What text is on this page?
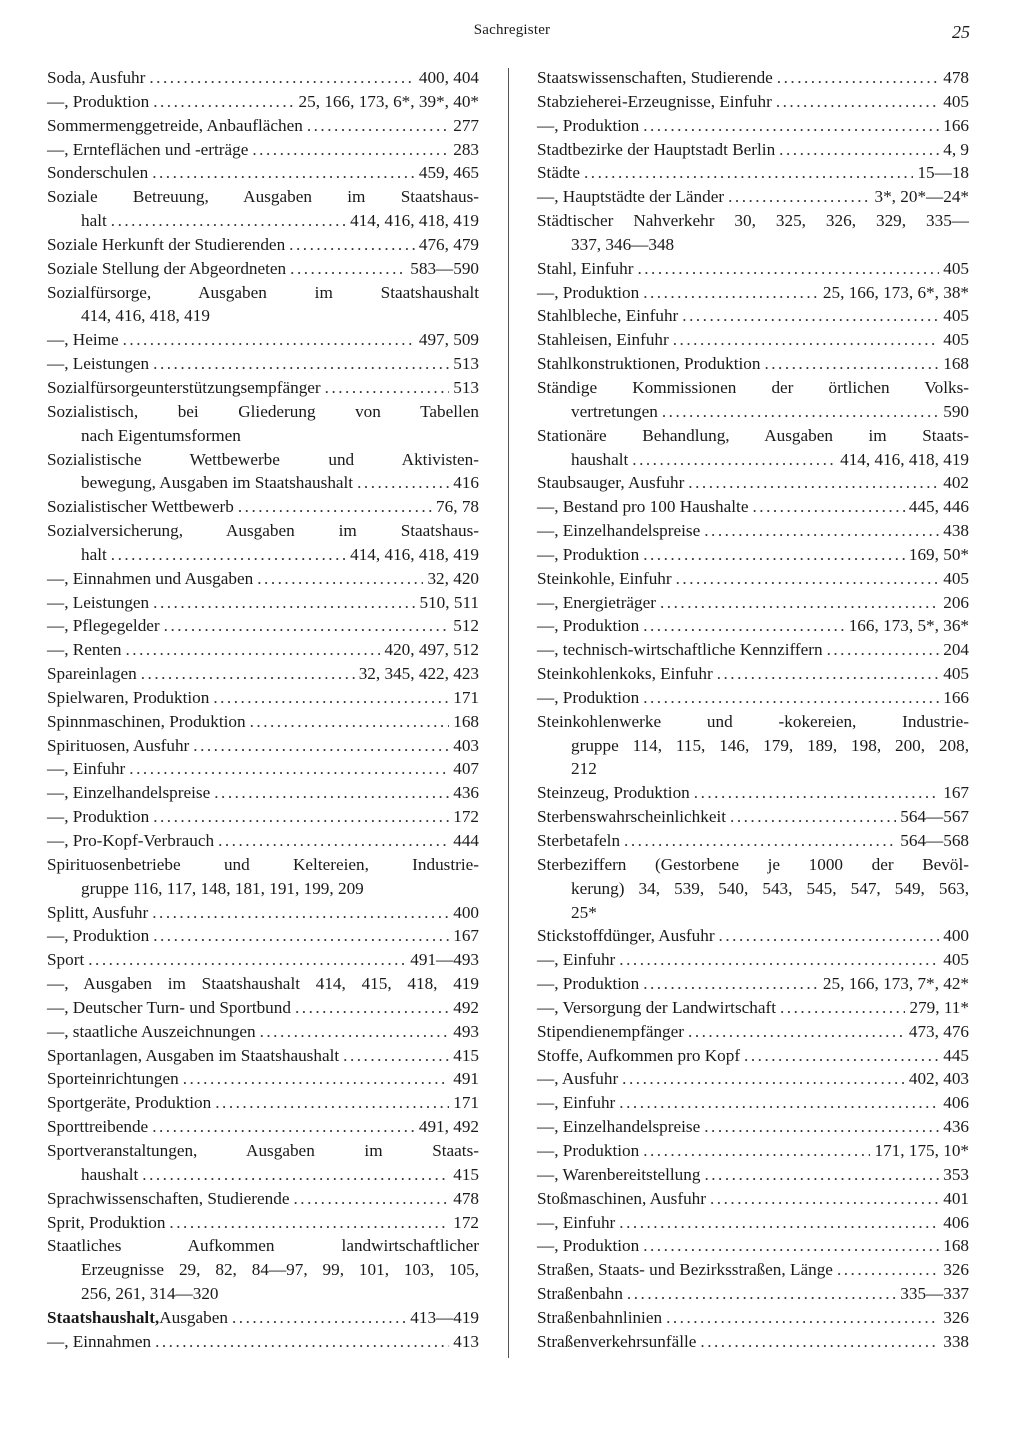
Sachregister	25
Soda, Ausfuhr .....	400, 404
—, Produktion .....	25, 166, 173, 6*, 39*, 40*
Sommermenggetreide, Anbauflächen .....	277
—, Ernteflächen und -erträge .....	283
Sonderschulen .....	459, 465
Soziale Betreuung, Ausgaben im Staatshaus-
halt .....	414, 416, 418, 419
Soziale Herkunft der Studierenden .....	476, 479
Soziale Stellung der Abgeordneten .....	583—590
Sozialfürsorge, Ausgaben im Staatshaushalt
414, 416, 418, 419
—, Heime .....	497, 509
—, Leistungen .....	513
Sozialfürsorgeunterstützungsempfänger .....	513
Sozialistisch, bei Gliederung von Tabellen
nach Eigentumsformen
Sozialistische Wettbewerbe und Aktivisten-
bewegung, Ausgaben im Staatshaushalt .....	416
Sozialistischer Wettbewerb .....	76, 78
Sozialversicherung, Ausgaben im Staatshaus-
halt .....	414, 416, 418, 419
—, Einnahmen und Ausgaben .....	32, 420
—, Leistungen .....	510, 511
—, Pflegegelder .....	512
—, Renten .....	420, 497, 512
Spareinlagen .....	32, 345, 422, 423
Spielwaren, Produktion .....	171
Spinnmaschinen, Produktion .....	168
Spirituosen, Ausfuhr .....	403
—, Einfuhr .....	407
—, Einzelhandelspreise .....	436
—, Produktion .....	172
—, Pro-Kopf-Verbrauch .....	444
Spirituosenbetriebe und Keltereien, Industrie-
gruppe 116, 117, 148, 181, 191, 199, 209
Splitt, Ausfuhr .....	400
—, Produktion .....	167
Sport .....	491—493
—, Ausgaben im Staatshaushalt 414, 415, 418, 419
—, Deutscher Turn- und Sportbund .....	492
—, staatliche Auszeichnungen .....	493
Sportanlagen, Ausgaben im Staatshaushalt .....	415
Sporteinrichtungen .....	491
Sportgeräte, Produktion .....	171
Sporttreibende .....	491, 492
Sportveranstaltungen, Ausgaben im Staats-
haushalt .....	415
Sprachwissenschaften, Studierende .....	478
Sprit, Produktion .....	172
Staatliches Aufkommen landwirtschaftlicher
Erzeugnisse 29, 82, 84—97, 99, 101, 103, 105,
256, 261, 314—320
Staatshaushalt, Ausgaben .....	413—419
—, Einnahmen .....	413
Staatswissenschaften, Studierende .....	478
Stabzieherei-Erzeugnisse, Einfuhr .....	405
—, Produktion .....	166
Stadtbezirke der Hauptstadt Berlin .....	4, 9
Städte .....	15—18
—, Hauptstädte der Länder .....	3*, 20*—24*
Städtischer Nahverkehr 30, 325, 326, 329, 335—
337, 346—348
Stahl, Einfuhr .....	405
—, Produktion .....	25, 166, 173, 6*, 38*
Stahlbleche, Einfuhr .....	405
Stahleisen, Einfuhr .....	405
Stahlkonstruktionen, Produktion .....	168
Ständige Kommissionen der örtlichen Volks-
vertretungen .....	590
Stationäre Behandlung, Ausgaben im Staats-
haushalt .....	414, 416, 418, 419
Staubsauger, Ausfuhr .....	402
—, Bestand pro 100 Haushalte .....	445, 446
—, Einzelhandelspreise .....	438
—, Produktion .....	169, 50*
Steinkohle, Einfuhr .....	405
—, Energieträger .....	206
—, Produktion .....	166, 173, 5*, 36*
—, technisch-wirtschaftliche Kennziffern .....	204
Steinkohlenkoks, Einfuhr .....	405
—, Produktion .....	166
Steinkohlenwerke und -kokereien, Industrie-
gruppe 114, 115, 146, 179, 189, 198, 200, 208,
212
Steinzeug, Produktion .....	167
Sterbenswahrscheinlichkeit .....	564—567
Sterbetafeln .....	564—568
Sterbeziffern (Gestorbene je 1000 der Bevöl-
kerung) 34, 539, 540, 543, 545, 547, 549, 563,
25*
Stickstoffdünger, Ausfuhr .....	400
—, Einfuhr .....	405
—, Produktion .....	25, 166, 173, 7*, 42*
—, Versorgung der Landwirtschaft .....	279, 11*
Stipendienempfänger .....	473, 476
Stoffe, Aufkommen pro Kopf .....	445
—, Ausfuhr .....	402, 403
—, Einfuhr .....	406
—, Einzelhandelspreise .....	436
—, Produktion .....	171, 175, 10*
—, Warenbereitstellung .....	353
Stoßmaschinen, Ausfuhr .....	401
—, Einfuhr .....	406
—, Produktion .....	168
Straßen, Staats- und Bezirksstraßen, Länge .....	326
Straßenbahn .....	335—337
Straßenbahnlinien .....	326
Straßenverkehrsunfälle .....	338
